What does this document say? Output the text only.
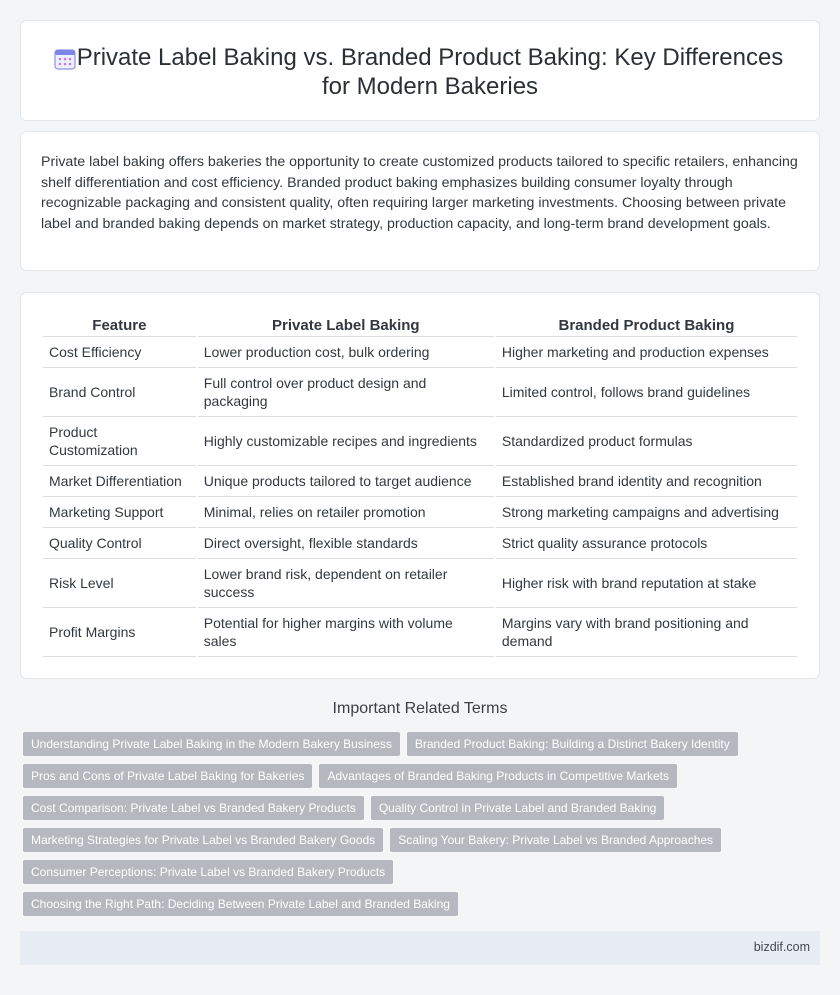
Private Label Baking vs. Branded Product Baking: Key Differences for Modern Bakeries

Private label baking offers bakeries the opportunity to create customized products tailored to specific retailers, enhancing shelf differentiation and cost efficiency. Branded product baking emphasizes building consumer loyalty through recognizable packaging and consistent quality, often requiring larger marketing investments. Choosing between private label and branded baking depends on market strategy, production capacity, and long-term brand development goals.

Feature	Private Label Baking	Branded Product Baking
Cost Efficiency	Lower production cost, bulk ordering	Higher marketing and production expenses
Brand Control	Full control over product design and packaging	Limited control, follows brand guidelines
Product Customization	Highly customizable recipes and ingredients	Standardized product formulas
Market Differentiation	Unique products tailored to target audience	Established brand identity and recognition
Marketing Support	Minimal, relies on retailer promotion	Strong marketing campaigns and advertising
Quality Control	Direct oversight, flexible standards	Strict quality assurance protocols
Risk Level	Lower brand risk, dependent on retailer success	Higher risk with brand reputation at stake
Profit Margins	Potential for higher margins with volume sales	Margins vary with brand positioning and demand
Important Related Terms
Understanding Private Label Baking in the Modern Bakery Business	Branded Product Baking: Building a Distinct Bakery Identity
Pros and Cons of Private Label Baking for Bakeries	Advantages of Branded Baking Products in Competitive Markets
Cost Comparison: Private Label vs Branded Bakery Products	Quality Control in Private Label and Branded Baking
Marketing Strategies for Private Label vs Branded Bakery Goods	Scaling Your Bakery: Private Label vs Branded Approaches
Consumer Perceptions: Private Label vs Branded Bakery Products
Choosing the Right Path: Deciding Between Private Label and Branded Baking
bizdif.com
